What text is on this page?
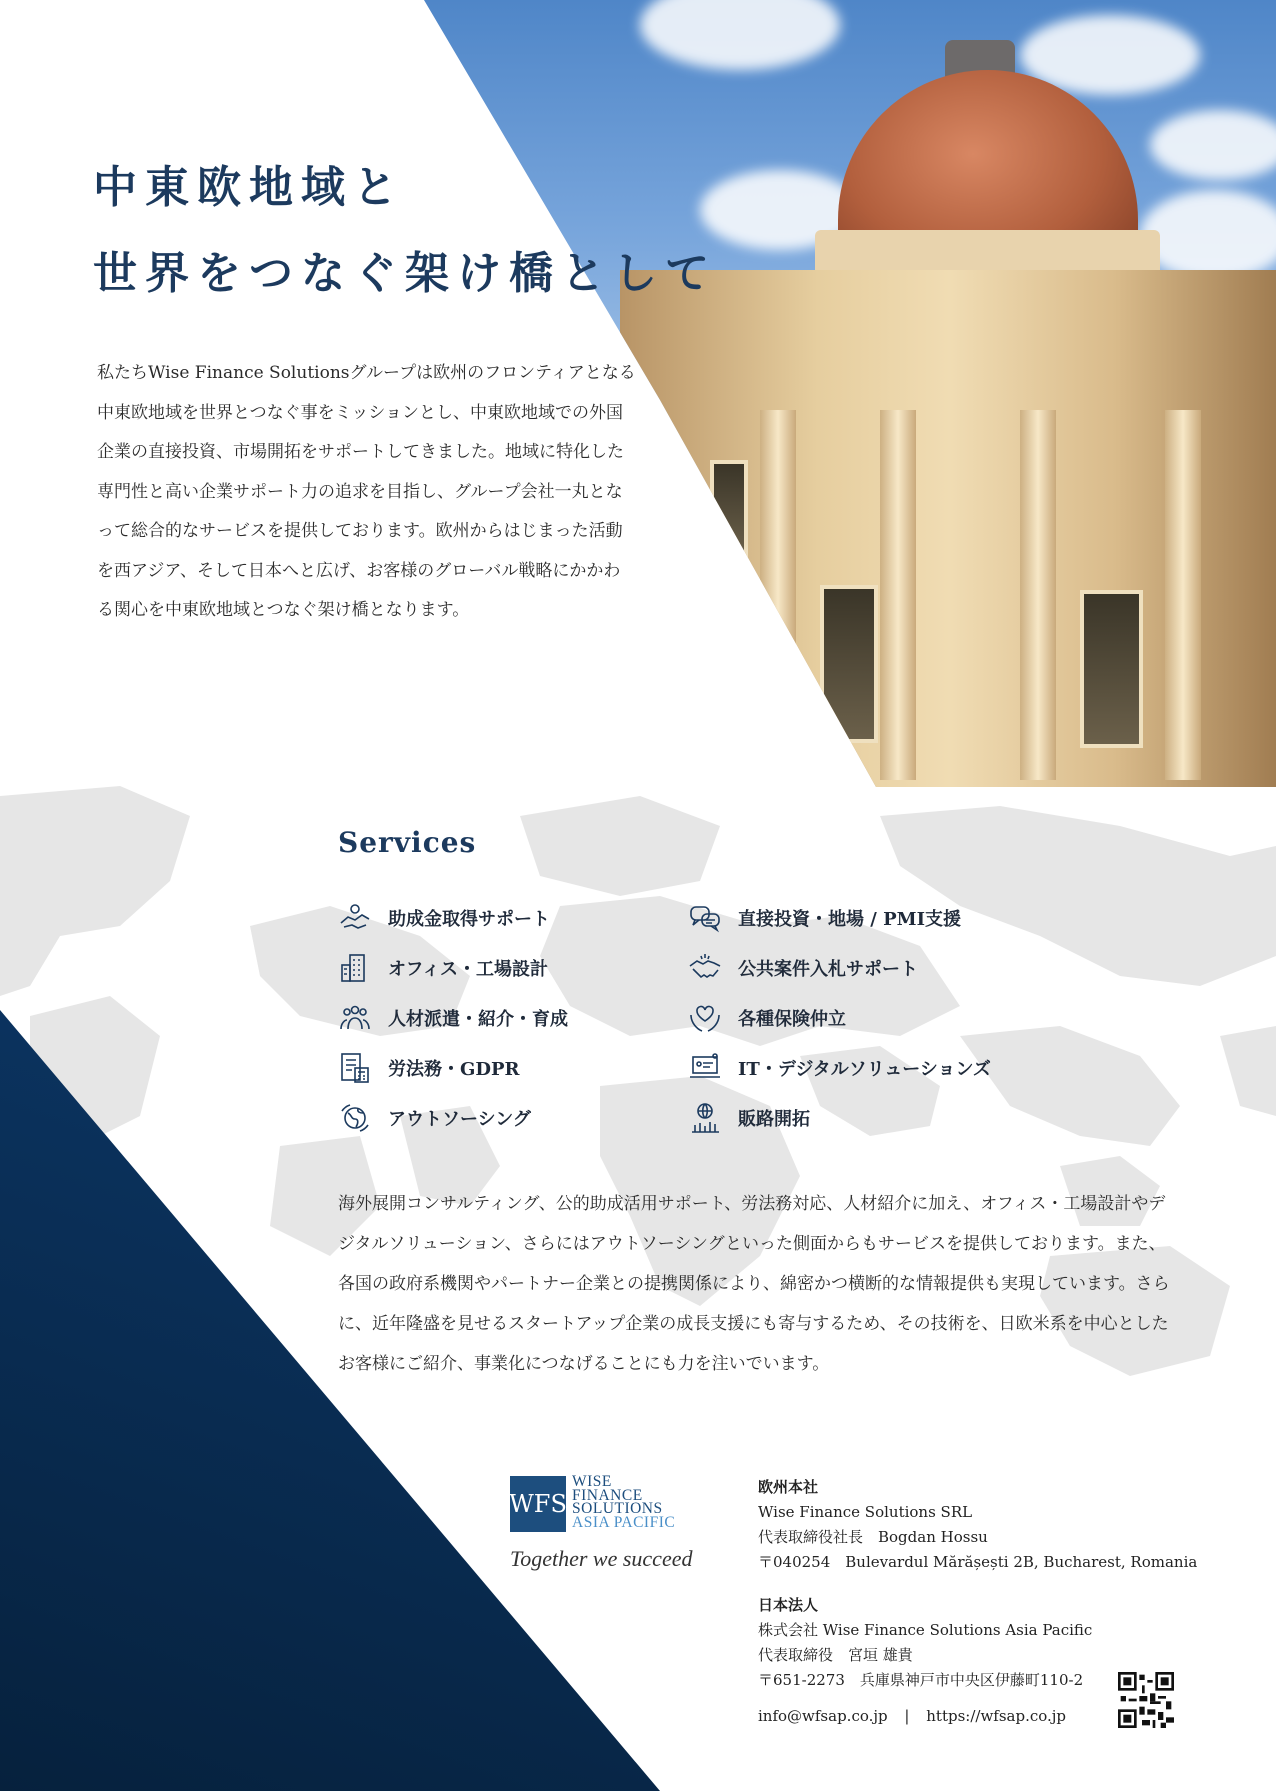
中東欧地域と
世界をつなぐ架け橋として

私たちWise Finance Solutionsグループは欧州のフロンティアとなる中東欧地域を世界とつなぐ事をミッションとし、中東欧地域での外国企業の直接投資、市場開拓をサポートしてきました。地域に特化した専門性と高い企業サポート力の追求を目指し、グループ会社一丸となって総合的なサービスを提供しております。欧州からはじまった活動を西アジア、そして日本へと広げ、お客様のグローバル戦略にかかわる関心を中東欧地域とつなぐ架け橋となります。

Services
助成金取得サポート
オフィス・工場設計
人材派遣・紹介・育成
労法務・GDPR
アウトソーシング
直接投資・地場 / PMI支援
公共案件入札サポート
各種保険仲立
IT・デジタルソリューションズ
販路開拓

海外展開コンサルティング、公的助成活用サポート、労法務対応、人材紹介に加え、オフィス・工場設計やデジタルソリューション、さらにはアウトソーシングといった側面からもサービスを提供しております。また、各国の政府系機関やパートナー企業との提携関係により、綿密かつ横断的な情報提供も実現しています。さらに、近年隆盛を見せるスタートアップ企業の成長支援にも寄与するため、その技術を、日欧米系を中心としたお客様にご紹介、事業化につなげることにも力を注いでいます。

WFS
WISE
FINANCE
SOLUTIONS
ASIA PACIFIC
Together we succeed
欧州本社
Wise Finance Solutions SRL
代表取締役社長　Bogdan Hossu
〒040254　Bulevardul Mărășești 2B, Bucharest, Romania
日本法人
株式会社 Wise Finance Solutions Asia Pacific
代表取締役　宮垣 雄貴
〒651-2273　兵庫県神戸市中央区伊藤町110-2
info@wfsap.co.jp | https://wfsap.co.jp
